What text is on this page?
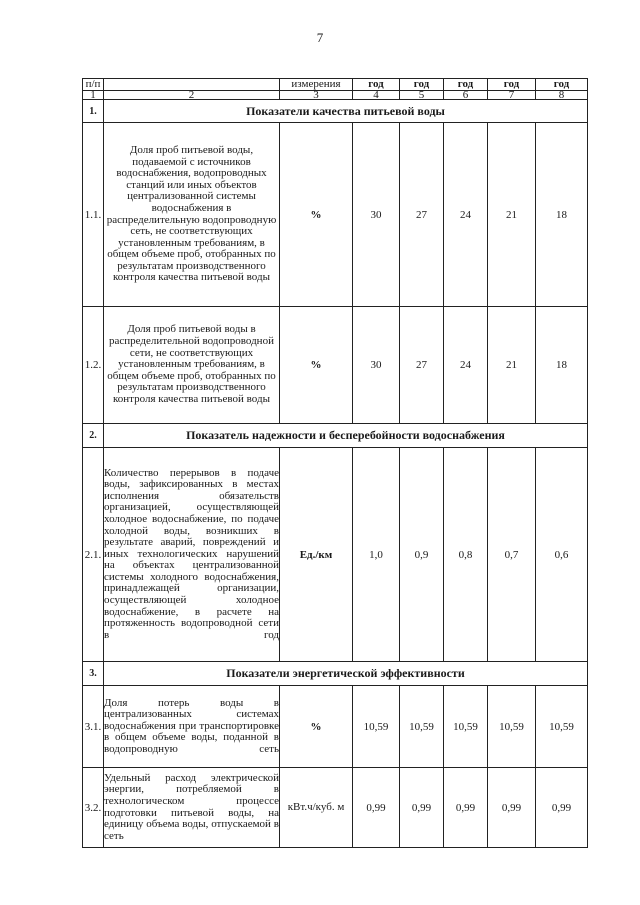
7
п/п		измерения	год	год	год	год	год
1	2	3	4	5	6	7	8
1.	Показатели качества питьевой воды						
1.1.	Доля проб питьевой воды, подаваемой с источников водоснабжения, водопроводных станций или иных объектов централизованной системы водоснабжения в распределительную водопроводную сеть, не соответствующих установленным требованиям, в общем объеме проб, отобранных по результатам производственного контроля качества питьевой воды	%	30	27	24	21	18
1.2.	Доля проб питьевой воды в распределительной водопроводной сети, не соответствующих установленным требованиям, в общем объеме проб, отобранных по результатам производственного контроля качества питьевой воды	%	30	27	24	21	18
2.	Показатель надежности и бесперебойности водоснабжения						
2.1.	Количество перерывов в подаче воды, зафиксированных в местах исполнения обязательств организацией, осуществляющей холодное водоснабжение, по подаче холодной воды, возникших в результате аварий, повреждений и иных технологических нарушений на объектах централизованной системы холодного водоснабжения, принадлежащей организации, осуществляющей холодное водоснабжение, в расчете на протяженность водопроводной сети в год	Ед./км	1,0	0,9	0,8	0,7	0,6
3.	Показатели энергетической эффективности						
3.1.	Доля потерь воды в централизованных системах водоснабжения при транспортировке в общем объеме воды, поданной в водопроводную сеть	%	10,59	10,59	10,59	10,59	10,59
3.2.	Удельный расход электрической энергии, потребляемой в технологическом процессе подготовки питьевой воды, на единицу объема воды, отпускаемой в сеть	кВт.ч/куб. м	0,99	0,99	0,99	0,99	0,99
